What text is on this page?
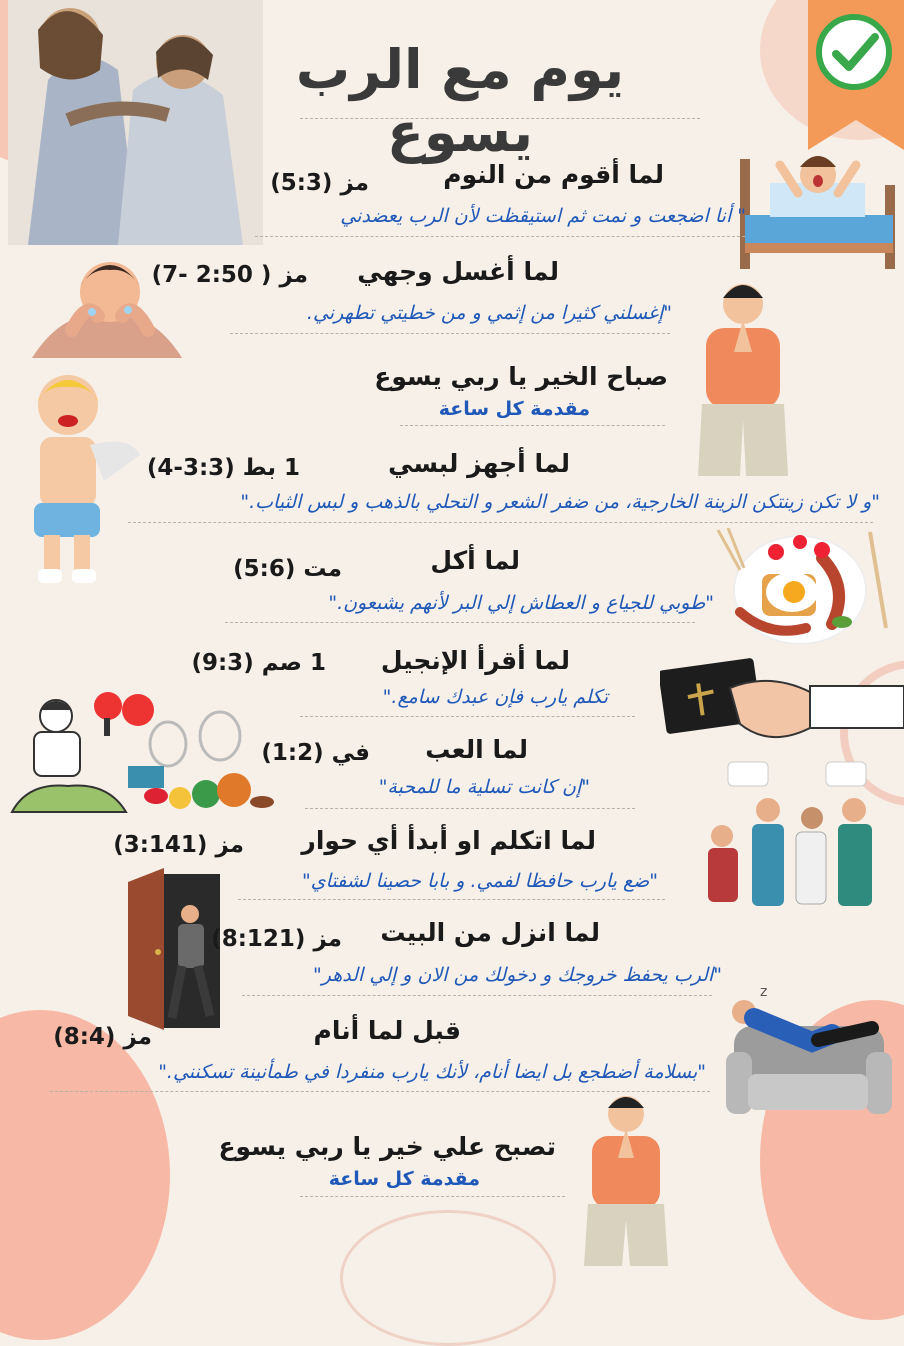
يوم مع الرب يسوع
لما أقوم من النوم
مز (5:3)
" أنا اضجعت و نمت ثم استيقظت لأن الرب يعضدني
لما أغسل وجهي
مز ( 2:50 -7)
"إغسلني كثيرا من إثمي و من خطيتي تطهرني.
صباح الخير يا ربي يسوع
مقدمة كل ساعة
لما أجهز لبسي
1 بط (3:3-4)
"و لا تكن زينتكن الزينة الخارجية، من ضفر الشعر و التحلي بالذهب و لبس الثياب."
لما أكل
مت (5:6)
"طوبي للجياع و العطاش إلي البر لأنهم يشبعون."
لما أقرأ الإنجيل
1 صم (9:3)
تكلم يارب فإن عبدك سامع."
لما العب
في (1:2)
"إن كانت تسلية ما للمحبة"
لما اتكلم او أبدأ أي حوار
مز (3:141)
"ضع يارب حافظا لفمي. و بابا حصينا لشفتاي"
لما انزل من البيت
مز (8:121)
"الرب يحفظ خروجك و دخولك من الان و إلي الدهر"
z
قبل لما أنام
مز (8:4)
"بسلامة أضطجع بل ايضا أنام، لأنك يارب منفردا في طمأنينة تسكنني."
تصبح علي خير يا ربي يسوع
مقدمة كل ساعة
